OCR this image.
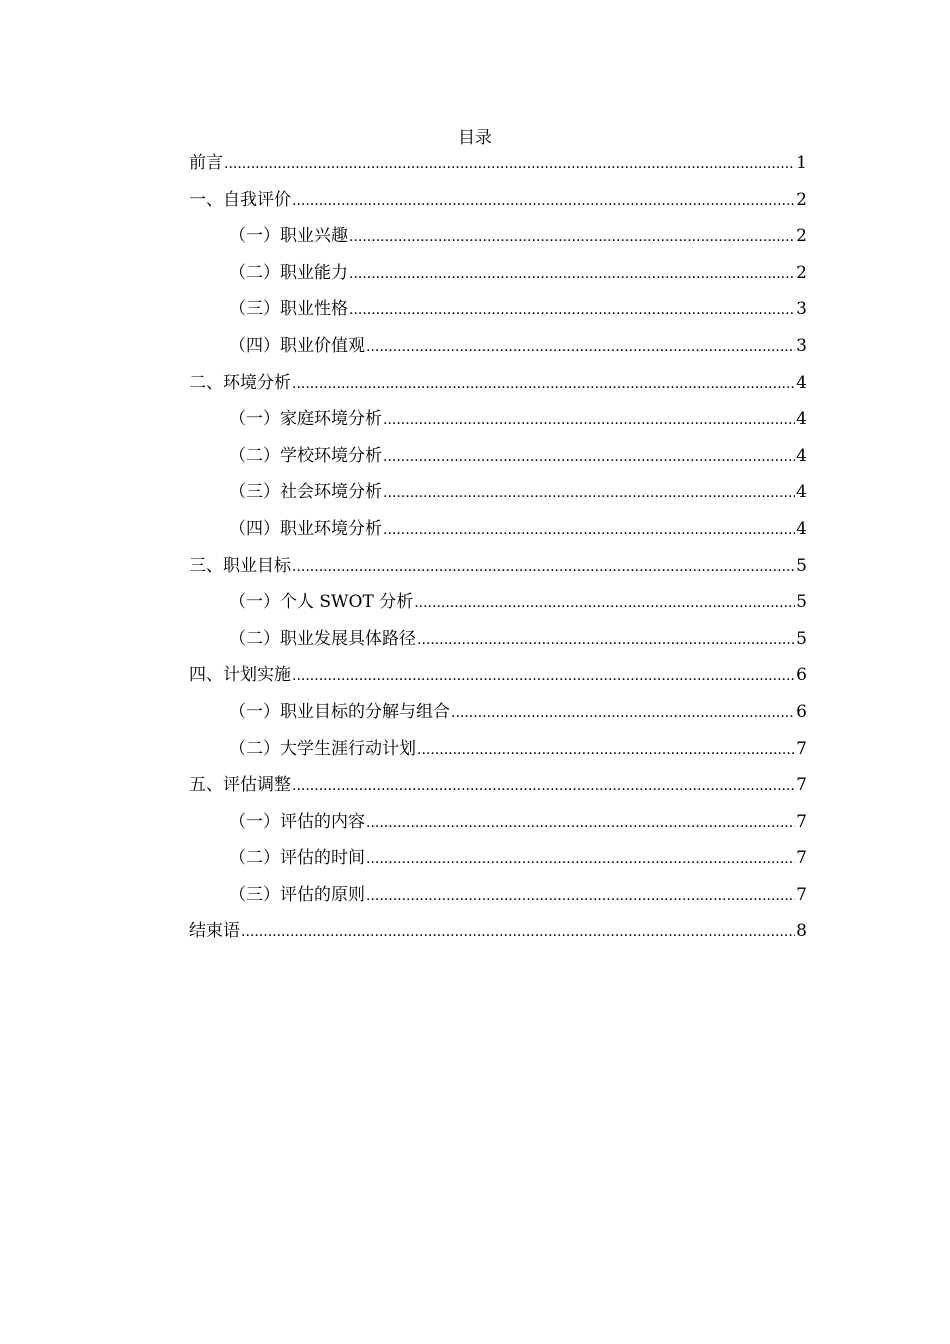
目录
前言 .....	1
一、自我评价 .....	2
（一）职业兴趣 .....	2
（二）职业能力 .....	2
（三）职业性格 .....	3
（四）职业价值观 .....	3
二、环境分析 .....	4
（一）家庭环境分析 .....	4
（二）学校环境分析 .....	4
（三）社会环境分析 .....	4
（四）职业环境分析 .....	4
三、职业目标 .....	5
（一）个人 SWOT 分析 .....	5
（二）职业发展具体路径 .....	5
四、计划实施 .....	6
（一）职业目标的分解与组合 .....	6
（二）大学生涯行动计划 .....	7
五、评估调整 .....	7
（一）评估的内容 .....	7
（二）评估的时间 .....	7
（三）评估的原则 .....	7
结束语 .....	8
